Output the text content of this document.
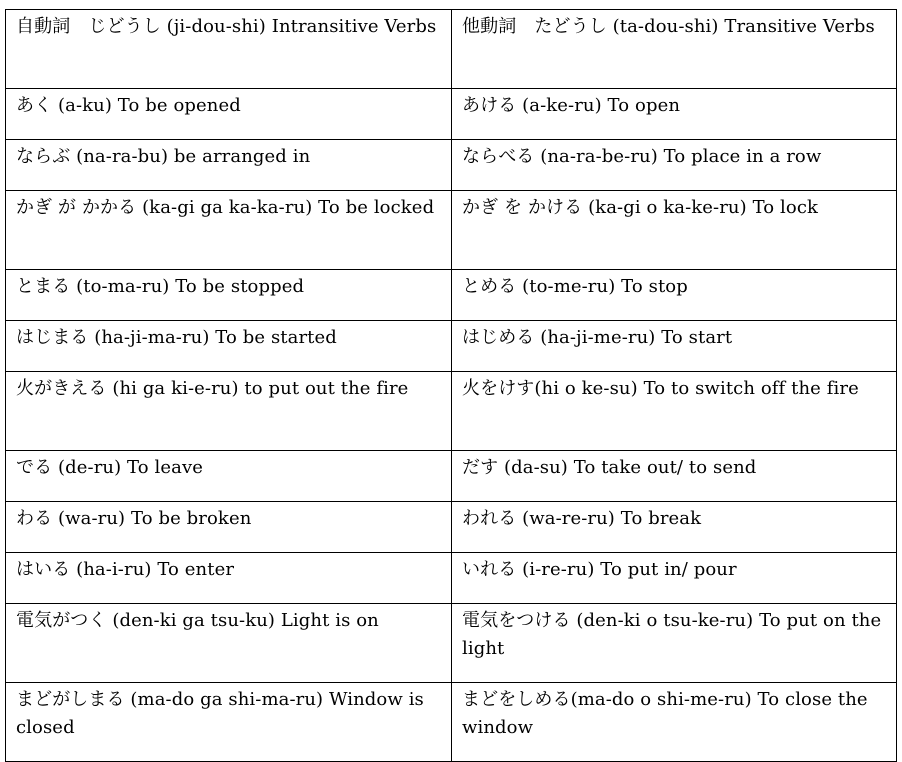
自動詞　じどうし (ji-dou-shi) Intransitive Verbs	他動詞　たどうし (ta-dou-shi) Transitive Verbs
あく (a-ku) To be opened	あける (a-ke-ru) To open
ならぶ (na-ra-bu) be arranged in	ならべる (na-ra-be-ru) To place in a row
かぎ が かかる (ka-gi ga ka-ka-ru) To be locked	かぎ を かける (ka-gi o ka-ke-ru) To lock
とまる (to-ma-ru) To be stopped	とめる (to-me-ru) To stop
はじまる (ha-ji-ma-ru) To be started	はじめる (ha-ji-me-ru) To start
火がきえる (hi ga ki-e-ru) to put out the fire	火をけす(hi o ke-su) To to switch off the fire
でる (de-ru) To leave	だす (da-su) To take out/ to send
わる (wa-ru) To be broken	われる (wa-re-ru) To break
はいる (ha-i-ru) To enter	いれる (i-re-ru) To put in/ pour
電気がつく (den-ki ga tsu-ku) Light is on	電気をつける (den-ki o tsu-ke-ru) To put on the light
まどがしまる (ma-do ga shi-ma-ru) Window is closed	まどをしめる(ma-do o shi-me-ru) To close the window
